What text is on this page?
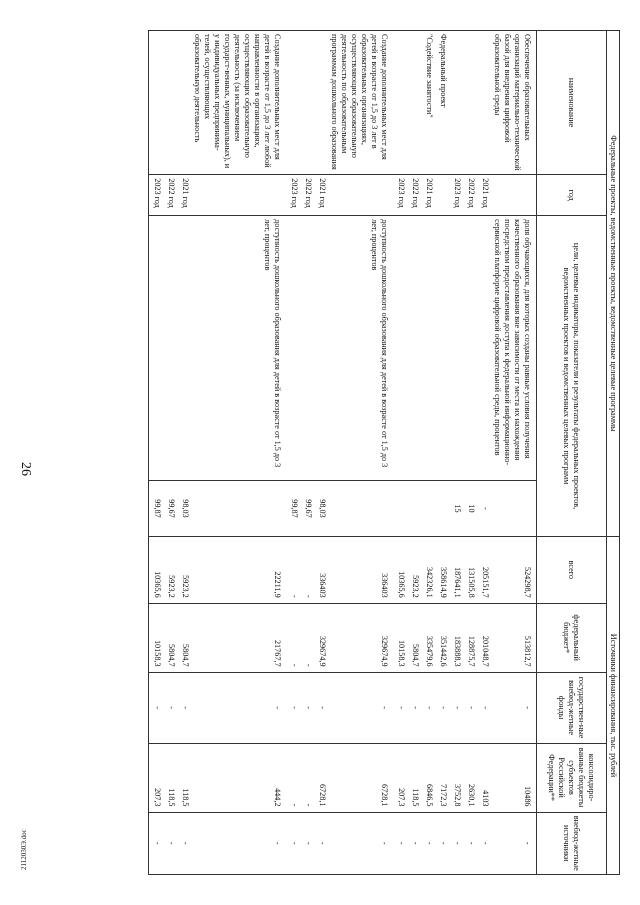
26
2112030Э.doc
Федеральные проекты, ведомственные проекты, ведомственные целевые программы				Источники финансирования, тыс. рублей				
наименование	год	цели, целевые индикаторы, показатели и результаты федеральных проектов, ведомственных проектов и ведомственных целевых программ		всего	федеральный бюджет*	государствен-ные внебюд-жетные фонды	консолидиро-ванные бюджеты субъектов Российской Федерации**	внебюд-жетные источники
Обеспечение образовательных организаций материально-технической базой для внедрения цифровой образовательной среды		доля обучающихся, для которых созданы равные условия получения качественного образования вне зависимости от места их нахождения посредством предоставления доступа к федеральной информационно-сервисной платформе цифровой образовательной среды, процентов		524298,7	513812,7	-	10486	-
	2021 год		-	205151,7	201048,7	-	4103	-
	2022 год		10	131505,8	128875,7	-	2630,1	-
	2023 год		15	187641,1	183888,3	-	3752,8	-
Федеральный проект				358614,9	351442,6	-	7172,3	-
"Содействие занятости"	2021 год			342326,1	335479,6	-	6846,5	-
	2022 год			5923,2	5804,7	-	118,5	-
	2023 год			10365,6	10158,3	-	207,3	-
Создание дополнительных мест для детей в возрасте от 1,5 до 3 лет в образовательных организациях, осуществляющих образовательную деятельность по образовательным программам дошкольного образования		доступность дошкольного образования для детей в возрасте от 1,5 до 3 лет, процентов		336403	329674,9	-	6728,1	-
	2021 год		98,03	336403	329674,9	-	6728,1	-
	2022 год		99,67	-	-	-	-	-
	2023 год		99,87	-	-	-	-	-
Создание дополнительных мест для детей в возрасте от 1,5 до 3 лет любой направленности в организациях, осуществляющих образовательную деятельность (за исключением государст-венных, муниципальных), и у индивидуальных предпринима-телей, осуществляющих образовательную деятельность		доступность дошкольного образования для детей в возрасте от 1,5 до 3 лет, процентов		22211,9	21767,7	-	444,2	-
	2021 год		98,03	5923,2	5804,7	-	118,5	-
	2022 год		99,67	5923,2	5804,7	-	118,5	-
	2023 год		99,87	10365,6	10158,3	-	207,3	-
